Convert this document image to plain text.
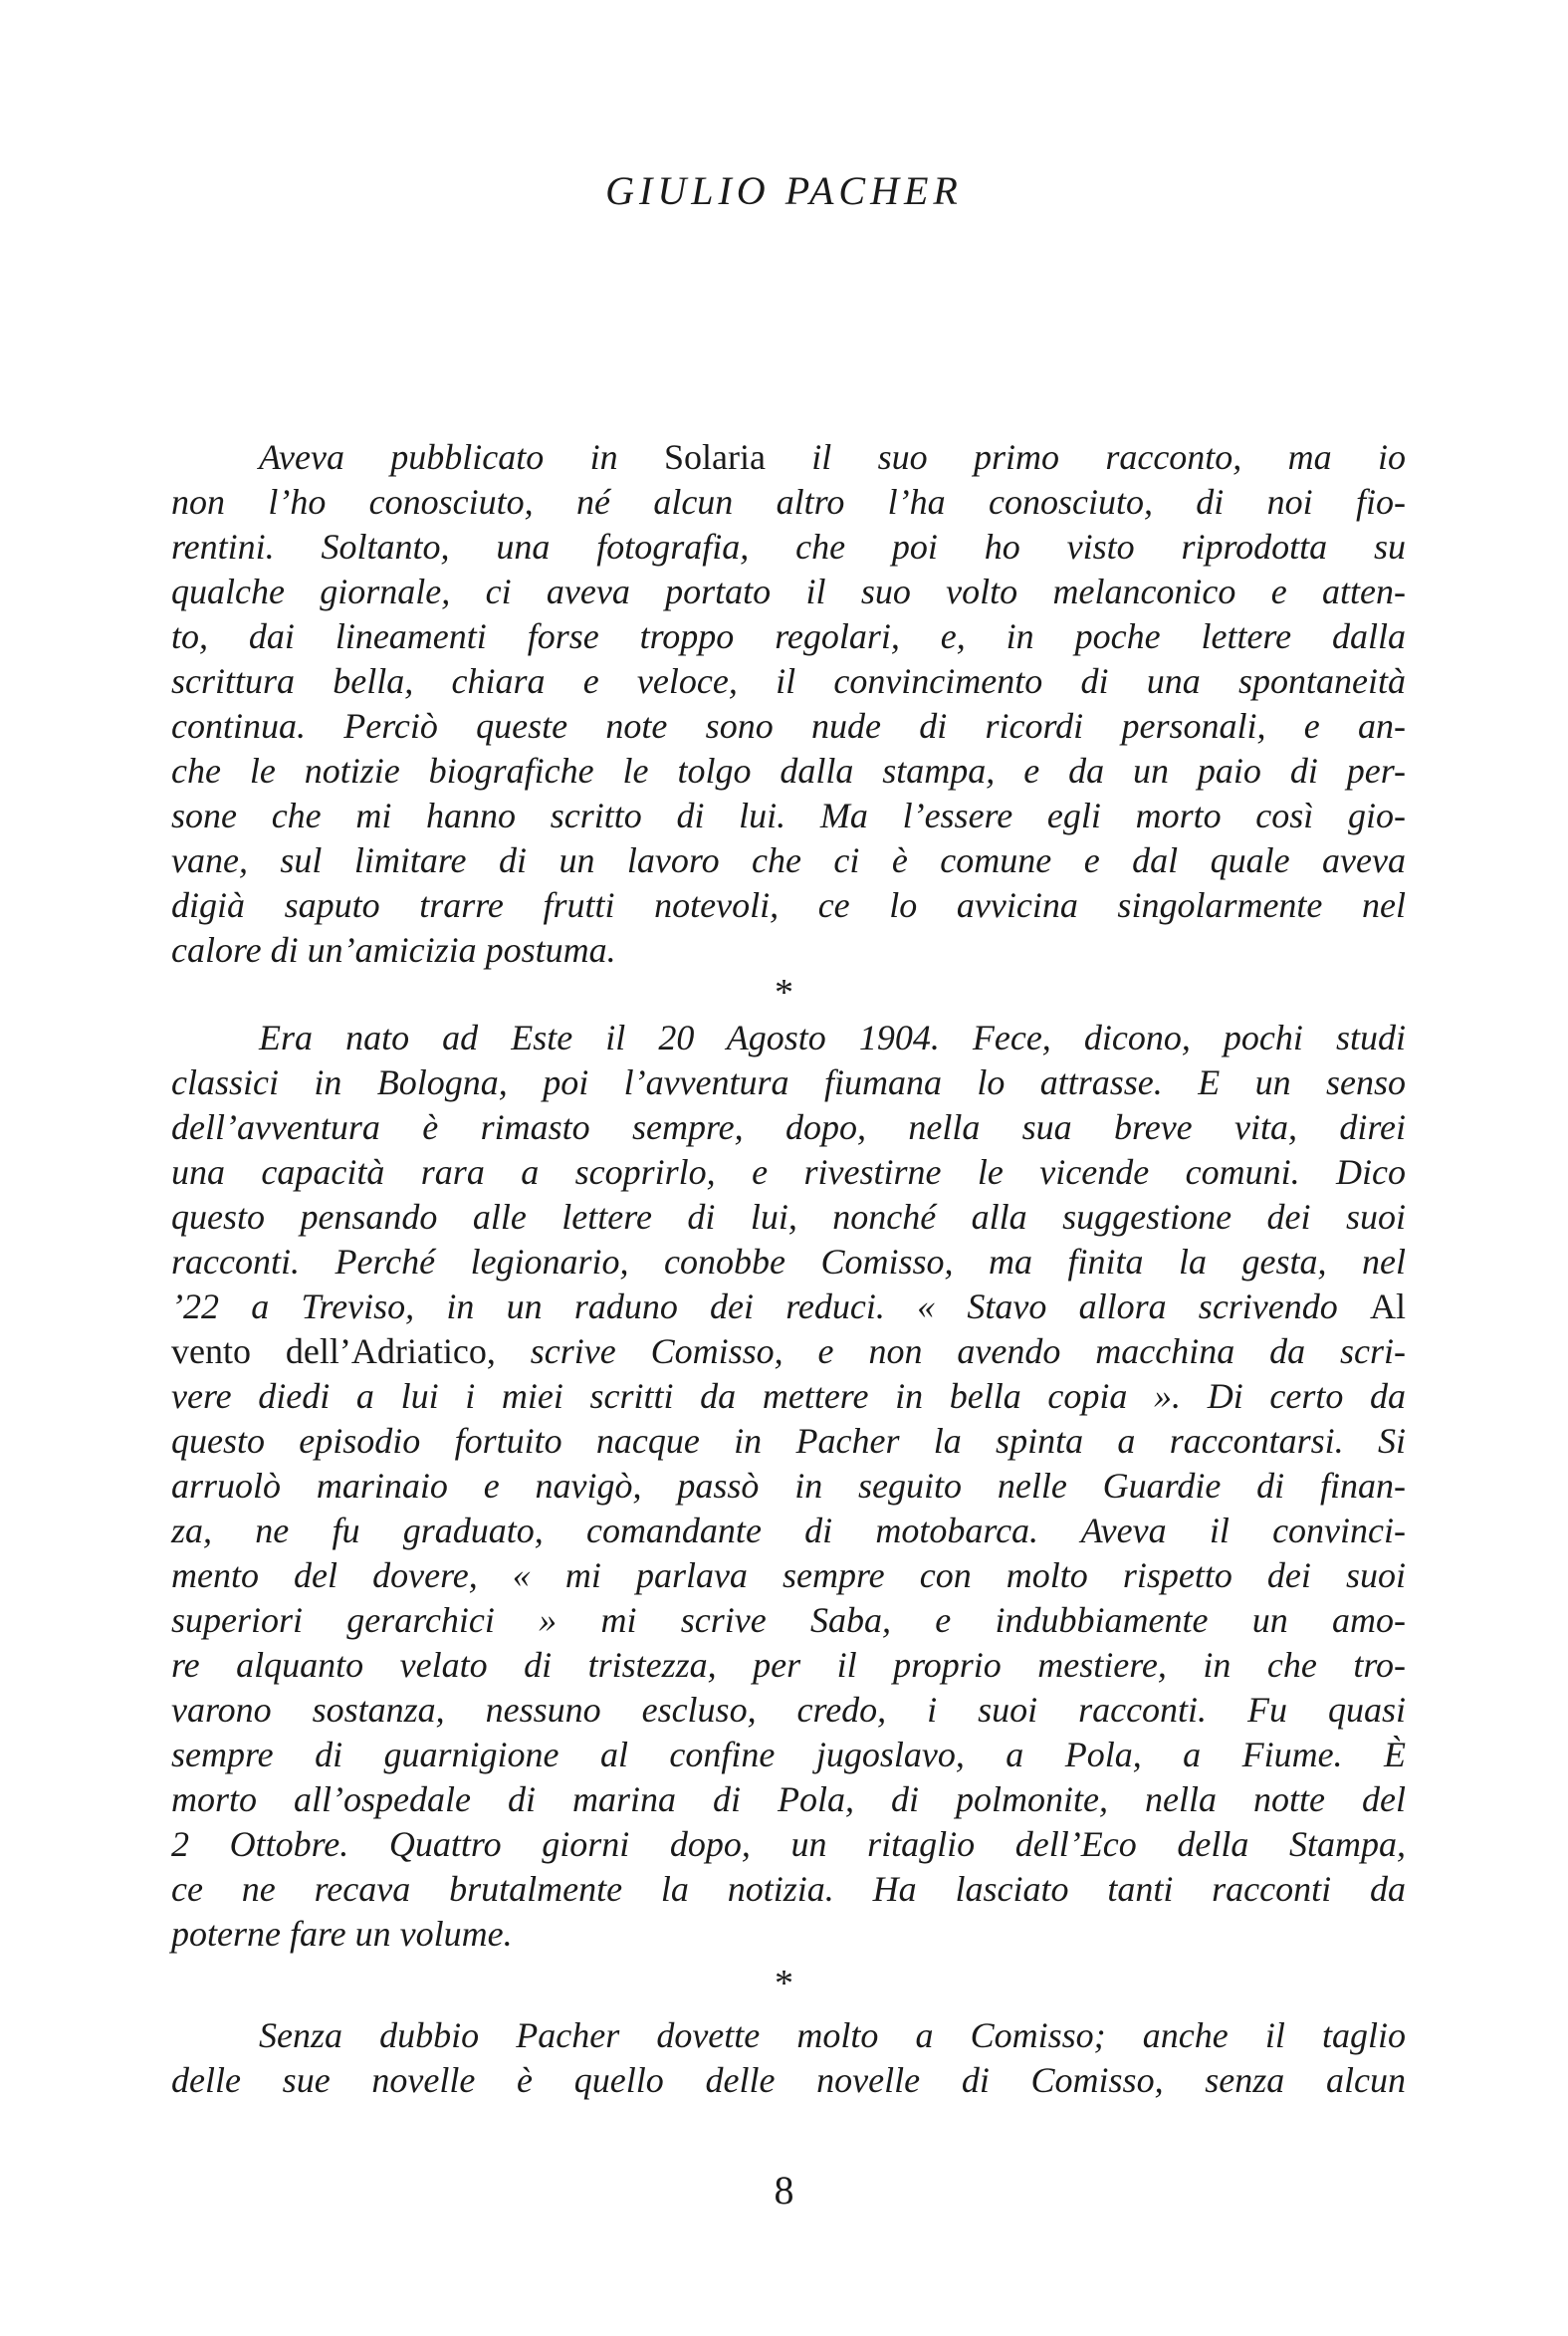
GIULIO PACHER
Aveva pubblicato in Solaria il suo primo racconto, ma io
non l’ho conosciuto, né alcun altro l’ha conosciuto, di noi fio-
rentini. Soltanto, una fotografia, che poi ho visto riprodotta su
qualche giornale, ci aveva portato il suo volto melanconico e atten-
to, dai lineamenti forse troppo regolari, e, in poche lettere dalla
scrittura bella, chiara e veloce, il convincimento di una spontaneità
continua. Perciò queste note sono nude di ricordi personali, e an-
che le notizie biografiche le tolgo dalla stampa, e da un paio di per-
sone che mi hanno scritto di lui. Ma l’essere egli morto così gio-
vane, sul limitare di un lavoro che ci è comune e dal quale aveva
digià saputo trarre frutti notevoli, ce lo avvicina singolarmente nel
calore di un’amicizia postuma.
*
Era nato ad Este il 20 Agosto 1904. Fece, dicono, pochi studi
classici in Bologna, poi l’avventura fiumana lo attrasse. E un senso
dell’avventura è rimasto sempre, dopo, nella sua breve vita, direi
una capacità rara a scoprirlo, e rivestirne le vicende comuni. Dico
questo pensando alle lettere di lui, nonché alla suggestione dei suoi
racconti. Perché legionario, conobbe Comisso, ma finita la gesta, nel
’22 a Treviso, in un raduno dei reduci. « Stavo allora scrivendo Al
vento dell’Adriatico, scrive Comisso, e non avendo macchina da scri-
vere diedi a lui i miei scritti da mettere in bella copia ». Di certo da
questo episodio fortuito nacque in Pacher la spinta a raccontarsi. Si
arruolò marinaio e navigò, passò in seguito nelle Guardie di finan-
za, ne fu graduato, comandante di motobarca. Aveva il convinci-
mento del dovere, « mi parlava sempre con molto rispetto dei suoi
superiori gerarchici » mi scrive Saba, e indubbiamente un amo-
re alquanto velato di tristezza, per il proprio mestiere, in che tro-
varono sostanza, nessuno escluso, credo, i suoi racconti. Fu quasi
sempre di guarnigione al confine jugoslavo, a Pola, a Fiume. È
morto all’ospedale di marina di Pola, di polmonite, nella notte del
2 Ottobre. Quattro giorni dopo, un ritaglio dell’Eco della Stampa,
ce ne recava brutalmente la notizia. Ha lasciato tanti racconti da
poterne fare un volume.
*
Senza dubbio Pacher dovette molto a Comisso; anche il taglio
delle sue novelle è quello delle novelle di Comisso, senza alcun
8
